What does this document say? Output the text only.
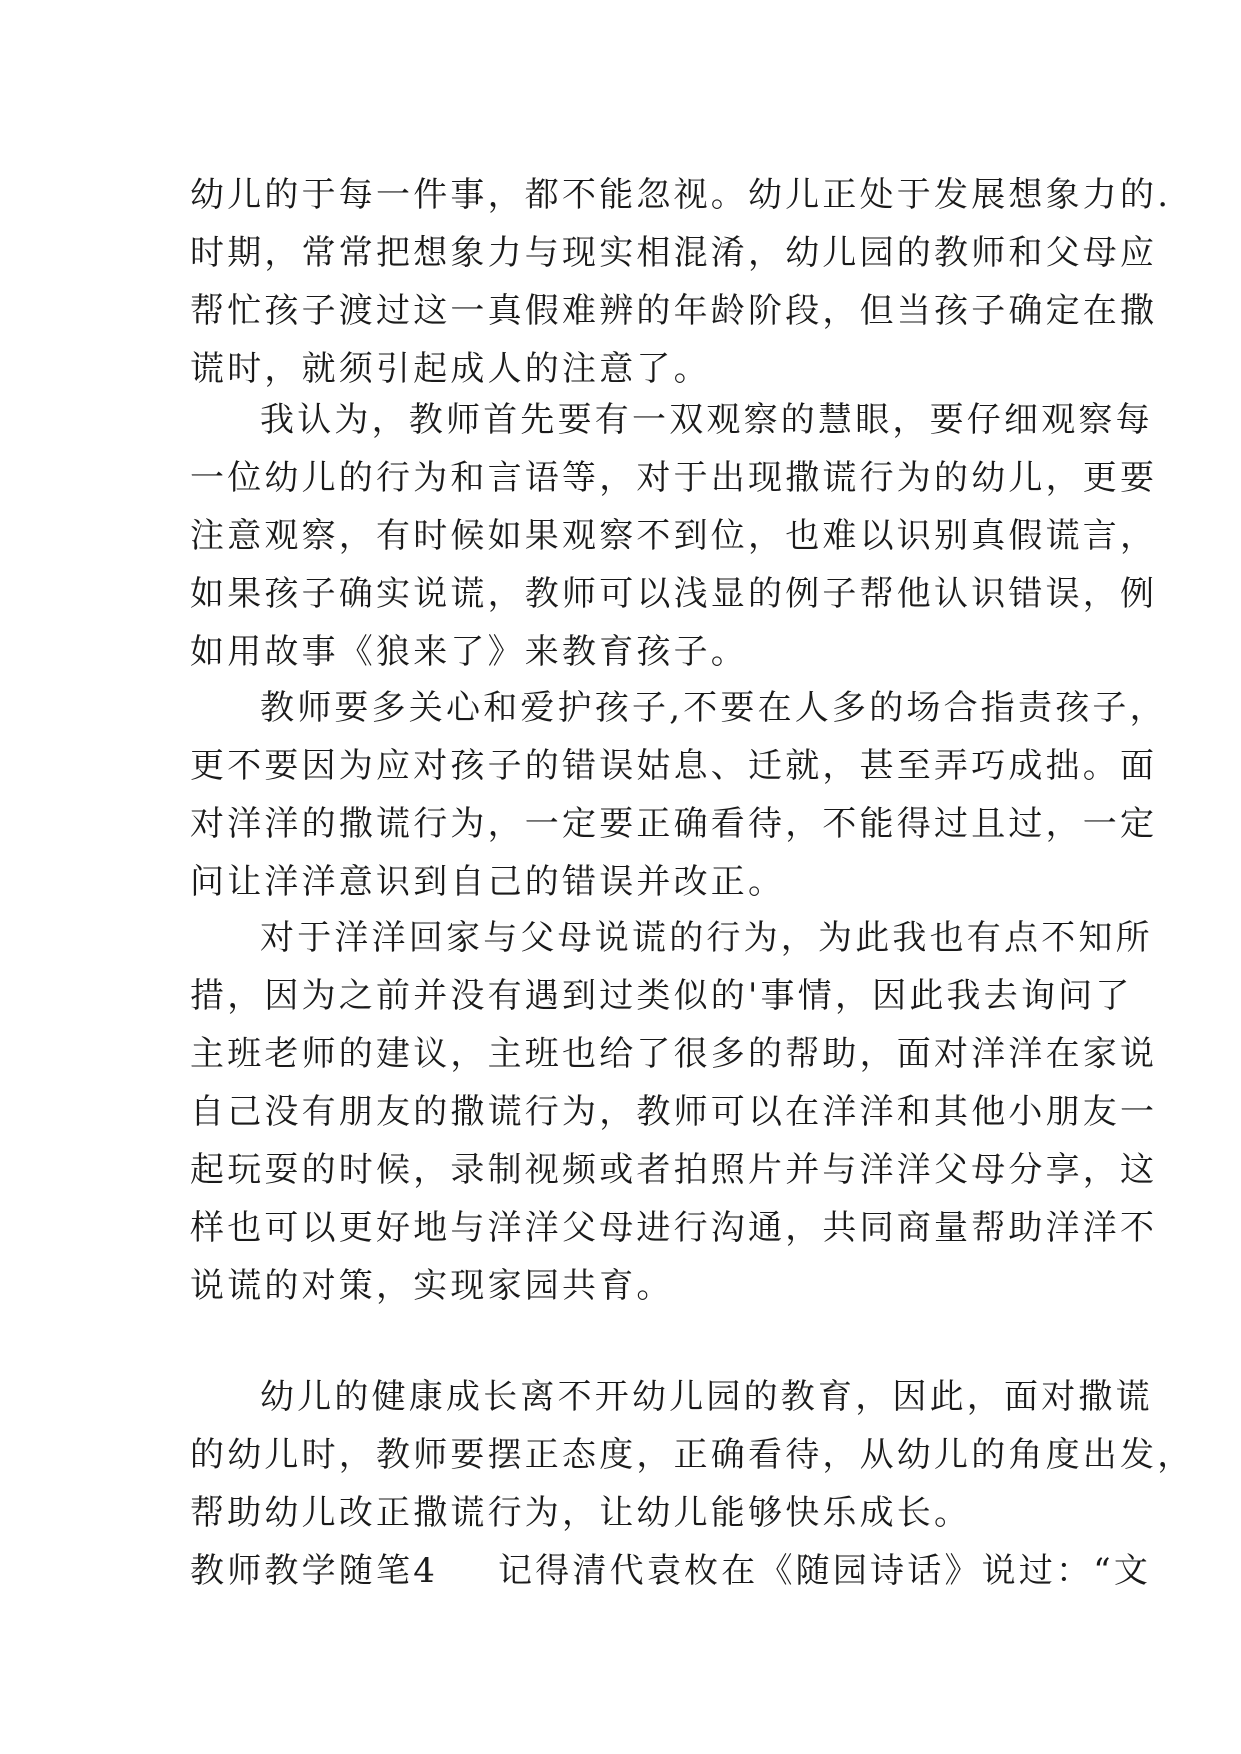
幼儿的于每一件事，都不能忽视。幼儿正处于发展想象力的.
时期，常常把想象力与现实相混淆，幼儿园的教师和父母应
帮忙孩子渡过这一真假难辨的年龄阶段，但当孩子确定在撒
谎时，就须引起成人的注意了。
我认为，教师首先要有一双观察的慧眼，要仔细观察每
一位幼儿的行为和言语等，对于出现撒谎行为的幼儿，更要
注意观察，有时候如果观察不到位，也难以识别真假谎言，
如果孩子确实说谎，教师可以浅显的例子帮他认识错误，例
如用故事《狼来了》来教育孩子。
教师要多关心和爱护孩子,不要在人多的场合指责孩子，
更不要因为应对孩子的错误姑息、迁就，甚至弄巧成拙。面
对洋洋的撒谎行为，一定要正确看待，不能得过且过，一定
问让洋洋意识到自己的错误并改正。
对于洋洋回家与父母说谎的行为，为此我也有点不知所
措，因为之前并没有遇到过类似的'事情，因此我去询问了
主班老师的建议，主班也给了很多的帮助，面对洋洋在家说
自己没有朋友的撒谎行为，教师可以在洋洋和其他小朋友一
起玩耍的时候，录制视频或者拍照片并与洋洋父母分享，这
样也可以更好地与洋洋父母进行沟通，共同商量帮助洋洋不
说谎的对策，实现家园共育。
幼儿的健康成长离不开幼儿园的教育，因此，面对撒谎
的幼儿时，教师要摆正态度，正确看待，从幼儿的角度出发，
帮助幼儿改正撒谎行为，让幼儿能够快乐成长。
教师教学随笔4 记得清代袁枚在《随园诗话》说过：“文
